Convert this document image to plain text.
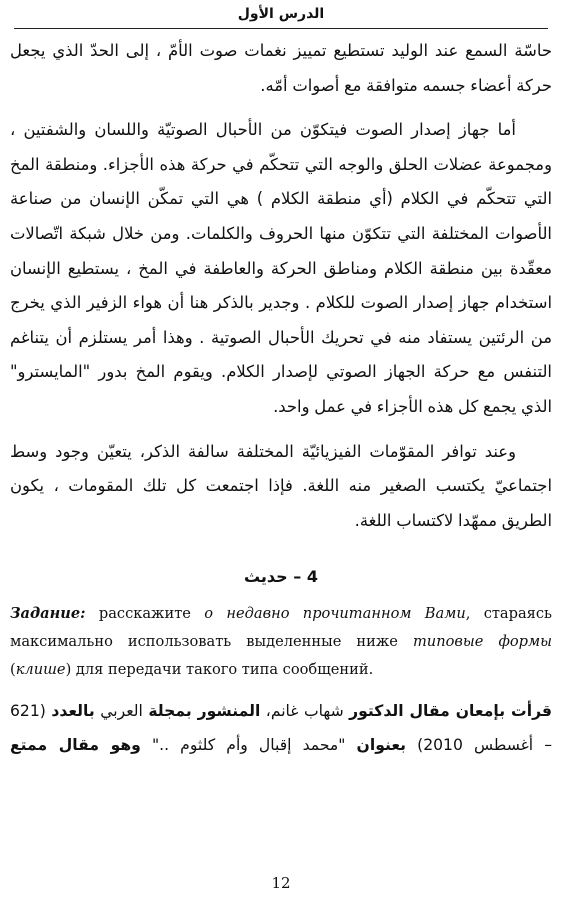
الدرس الأول

حاسّة السمع عند الوليد تستطيع تمييز نغمات صوت الأمّ ، إلى الحدّ الذي يجعل حركة أعضاء جسمه متوافقة مع أصوات أمّه.

أما جهاز إصدار الصوت فيتكوّن من الأحبال الصوتيّة واللسان والشفتين ، ومجموعة عضلات الحلق والوجه التي تتحكّم في حركة هذه الأجزاء. ومنطقة المخ التي تتحكّم في الكلام (أي منطقة الكلام ) هي التي تمكّن الإنسان من صناعة الأصوات المختلفة التي تتكوّن منها الحروف والكلمات. ومن خلال شبكة اتّصالات معقّدة بين منطقة الكلام ومناطق الحركة والعاطفة في المخ ، يستطيع الإنسان استخدام جهاز إصدار الصوت للكلام . وجدير بالذكر هنا أن هواء الزفير الذي يخرج من الرئتين يستفاد منه في تحريك الأحبال الصوتية . وهذا أمر يستلزم أن يتناغم التنفس مع حركة الجهاز الصوتي لإصدار الكلام. ويقوم المخ بدور "المايسترو" الذي يجمع كل هذه الأجزاء في عمل واحد.

وعند توافر المقوّمات الفيزيائيّة المختلفة سالفة الذكر، يتعيّن وجود وسط اجتماعيّ يكتسب الصغير منه اللغة. فإذا اجتمعت كل تلك المقومات ، يكون الطريق ممهّدا لاكتساب اللغة.

4 – حديث

Задание: расскажите о недавно прочитанном Вами, стараясь максимально использовать выделенные ниже типовые формы (клише) для передачи такого типа сообщений.

قرأت بإمعان مقال الدكتور شهاب غانم، المنشور بمجلة العربي بالعدد (621 – أغسطس 2010) بعنوان "محمد إقبال وأم كلثوم .." وهو مقال ممتع

12
